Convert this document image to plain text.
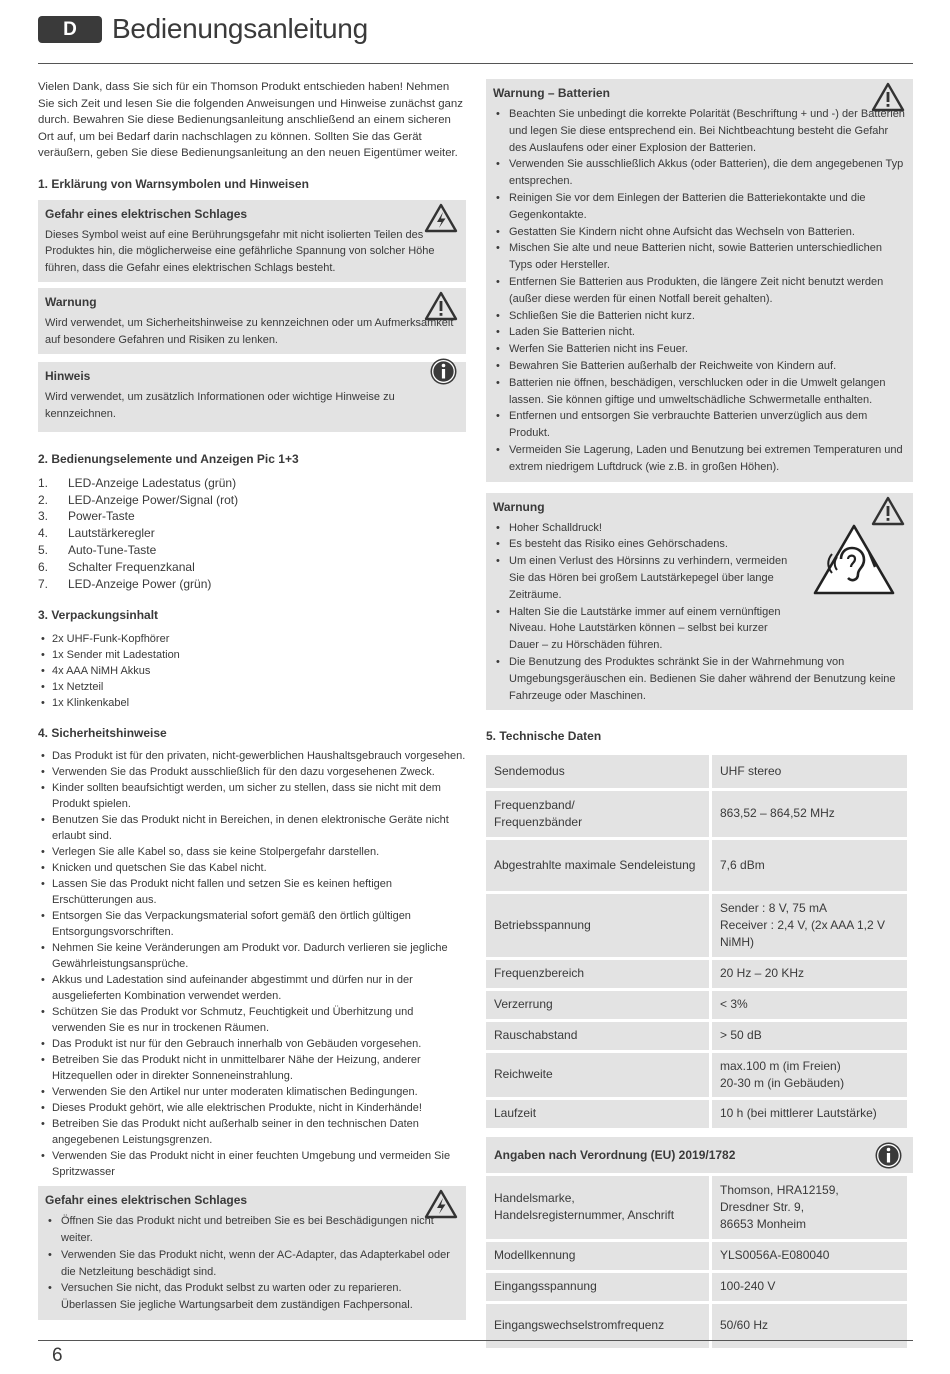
D	Bedienungsanleitung

Vielen Dank, dass Sie sich für ein Thomson Produkt entschieden haben! Nehmen Sie sich Zeit und lesen Sie die folgenden Anweisungen und Hinweise zunächst ganz durch. Bewahren Sie diese Bedienungsanleitung anschließend an einem sicheren Ort auf, um bei Bedarf darin nachschlagen zu können. Sollten Sie das Gerät veräußern, geben Sie diese Bedienungsanleitung an den neuen Eigentümer weiter.

1. Erklärung von Warnsymbolen und Hinweisen
Gefahr eines elektrischen Schlages
Dieses Symbol weist auf eine Berührungsgefahr mit nicht isolierten Teilen des Produktes hin, die möglicherweise eine gefährliche Spannung von solcher Höhe führen, dass die Gefahr eines elektrischen Schlags besteht.
Warnung
Wird verwendet, um Sicherheitshinweise zu kennzeichnen oder um Aufmerksamkeit auf besondere Gefahren und Risiken zu lenken.
Hinweis
Wird verwendet, um zusätzlich Informationen oder wichtige Hinweise zu kennzeichnen.
2. Bedienungselemente und Anzeigen Pic 1+3
1. LED-Anzeige Ladestatus (grün)
2. LED-Anzeige Power/Signal (rot)
3. Power-Taste
4. Lautstärkeregler
5. Auto-Tune-Taste
6. Schalter Frequenzkanal
7. LED-Anzeige Power (grün)
3. Verpackungsinhalt
• 2x UHF-Funk-Kopfhörer
• 1x Sender mit Ladestation
• 4x AAA NiMH Akkus
• 1x Netzteil
• 1x Klinkenkabel
4. Sicherheitshinweise
• Das Produkt ist für den privaten, nicht-gewerblichen Haushaltsgebrauch vorgesehen.
• Verwenden Sie das Produkt ausschließlich für den dazu vorgesehenen Zweck.
• Kinder sollten beaufsichtigt werden, um sicher zu stellen, dass sie nicht mit dem Produkt spielen.
• Benutzen Sie das Produkt nicht in Bereichen, in denen elektronische Geräte nicht erlaubt sind.
• Verlegen Sie alle Kabel so, dass sie keine Stolpergefahr darstellen.
• Knicken und quetschen Sie das Kabel nicht.
• Lassen Sie das Produkt nicht fallen und setzen Sie es keinen heftigen Erschütterungen aus.
• Entsorgen Sie das Verpackungsmaterial sofort gemäß den örtlich gültigen Entsorgungsvorschriften.
• Nehmen Sie keine Veränderungen am Produkt vor. Dadurch verlieren sie jegliche Gewährleistungsansprüche.
• Akkus und Ladestation sind aufeinander abgestimmt und dürfen nur in der ausgelieferten Kombination verwendet werden.
• Schützen Sie das Produkt vor Schmutz, Feuchtigkeit und Überhitzung und verwenden Sie es nur in trockenen Räumen.
• Das Produkt ist nur für den Gebrauch innerhalb von Gebäuden vorgesehen.
• Betreiben Sie das Produkt nicht in unmittelbarer Nähe der Heizung, anderer Hitzequellen oder in direkter Sonneneinstrahlung.
• Verwenden Sie den Artikel nur unter moderaten klimatischen Bedingungen.
• Dieses Produkt gehört, wie alle elektrischen Produkte, nicht in Kinderhände!
• Betreiben Sie das Produkt nicht außerhalb seiner in den technischen Daten angegebenen Leistungsgrenzen.
• Verwenden Sie das Produkt nicht in einer feuchten Umgebung und vermeiden Sie Spritzwasser
Gefahr eines elektrischen Schlages
• Öffnen Sie das Produkt nicht und betreiben Sie es bei Beschädigungen nicht weiter.
• Verwenden Sie das Produkt nicht, wenn der AC-Adapter, das Adapterkabel oder die Netzleitung beschädigt sind.
• Versuchen Sie nicht, das Produkt selbst zu warten oder zu reparieren. Überlassen Sie jegliche Wartungsarbeit dem zuständigen Fachpersonal.
Warnung – Batterien
• Beachten Sie unbedingt die korrekte Polarität (Beschriftung + und -) der Batterien und legen Sie diese entsprechend ein. Bei Nichtbeachtung besteht die Gefahr des Auslaufens oder einer Explosion der Batterien.
• Verwenden Sie ausschließlich Akkus (oder Batterien), die dem angegebenen Typ entsprechen.
• Reinigen Sie vor dem Einlegen der Batterien die Batteriekontakte und die Gegenkontakte.
• Gestatten Sie Kindern nicht ohne Aufsicht das Wechseln von Batterien.
• Mischen Sie alte und neue Batterien nicht, sowie Batterien unterschiedlichen Typs oder Hersteller.
• Entfernen Sie Batterien aus Produkten, die längere Zeit nicht benutzt werden (außer diese werden für einen Notfall bereit gehalten).
• Schließen Sie die Batterien nicht kurz.
• Laden Sie Batterien nicht.
• Werfen Sie Batterien nicht ins Feuer.
• Bewahren Sie Batterien außerhalb der Reichweite von Kindern auf.
• Batterien nie öffnen, beschädigen, verschlucken oder in die Umwelt gelangen lassen. Sie können giftige und umweltschädliche Schwermetalle enthalten.
• Entfernen und entsorgen Sie verbrauchte Batterien unverzüglich aus dem Produkt.
• Vermeiden Sie Lagerung, Laden und Benutzung bei extremen Temperaturen und extrem niedrigem Luftdruck (wie z.B. in großen Höhen).
Warnung
• Hoher Schalldruck!
• Es besteht das Risiko eines Gehörschadens.
• Um einen Verlust des Hörsinns zu verhindern, vermeiden Sie das Hören bei großem Lautstärkepegel über lange Zeiträume.
• Halten Sie die Lautstärke immer auf einem vernünftigen Niveau. Hohe Lautstärken können – selbst bei kurzer Dauer – zu Hörschäden führen.
• Die Benutzung des Produktes schränkt Sie in der Wahrnehmung von Umgebungsgeräuschen ein. Bedienen Sie daher während der Benutzung keine Fahrzeuge oder Maschinen.
5. Technische Daten
Sendemodus	UHF stereo
Frequenzband/
Frequenzbänder	863,52 – 864,52 MHz
Abgestrahlte maximale Sendeleistung	7,6 dBm
Betriebsspannung	Sender : 8 V, 75 mA
Receiver : 2,4 V, (2x AAA 1,2 V NiMH)
Frequenzbereich	20 Hz – 20 KHz
Verzerrung	< 3%
Rauschabstand	> 50 dB
Reichweite	max.100 m (im Freien)
20-30 m (in Gebäuden)
Laufzeit	10 h (bei mittlerer Lautstärke)
Angaben nach Verordnung (EU) 2019/1782
Handelsmarke, Handelsregisternummer, Anschrift	Thomson, HRA12159,
Dresdner Str. 9,
86653 Monheim
Modellkennung	YLS0056A-E080040
Eingangsspannung	100-240 V
Eingangswechselstromfrequenz	50/60 Hz
6
